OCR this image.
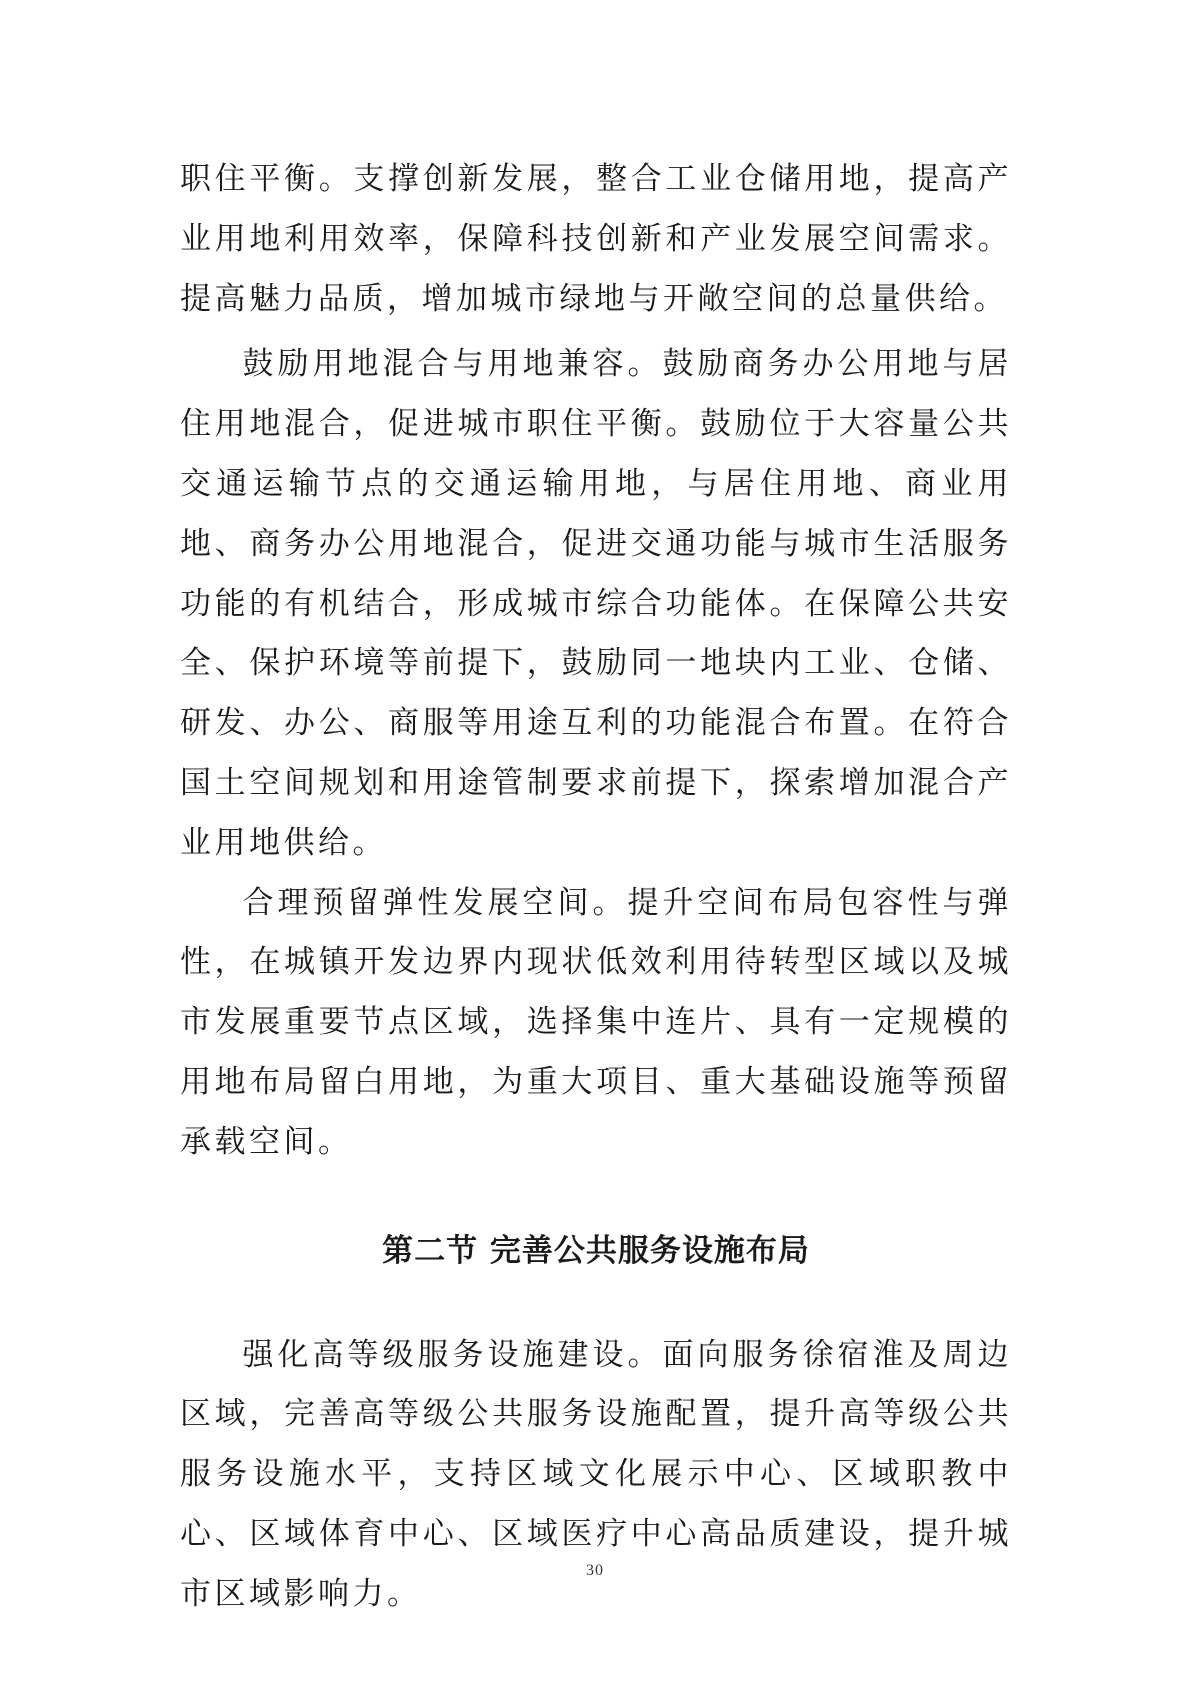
职住平衡。支撑创新发展，整合工业仓储用地，提高产业用地利用效率，保障科技创新和产业发展空间需求。提高魅力品质，增加城市绿地与开敞空间的总量供给。

鼓励用地混合与用地兼容。鼓励商务办公用地与居住用地混合，促进城市职住平衡。鼓励位于大容量公共交通运输节点的交通运输用地，与居住用地、商业用地、商务办公用地混合，促进交通功能与城市生活服务功能的有机结合，形成城市综合功能体。在保障公共安全、保护环境等前提下，鼓励同一地块内工业、仓储、研发、办公、商服等用途互利的功能混合布置。在符合国土空间规划和用途管制要求前提下，探索增加混合产业用地供给。

合理预留弹性发展空间。提升空间布局包容性与弹性，在城镇开发边界内现状低效利用待转型区域以及城市发展重要节点区域，选择集中连片、具有一定规模的用地布局留白用地，为重大项目、重大基础设施等预留承载空间。

第二节 完善公共服务设施布局

强化高等级服务设施建设。面向服务徐宿淮及周边区域，完善高等级公共服务设施配置，提升高等级公共服务设施水平，支持区域文化展示中心、区域职教中心、区域体育中心、区域医疗中心高品质建设，提升城市区域影响力。

30
